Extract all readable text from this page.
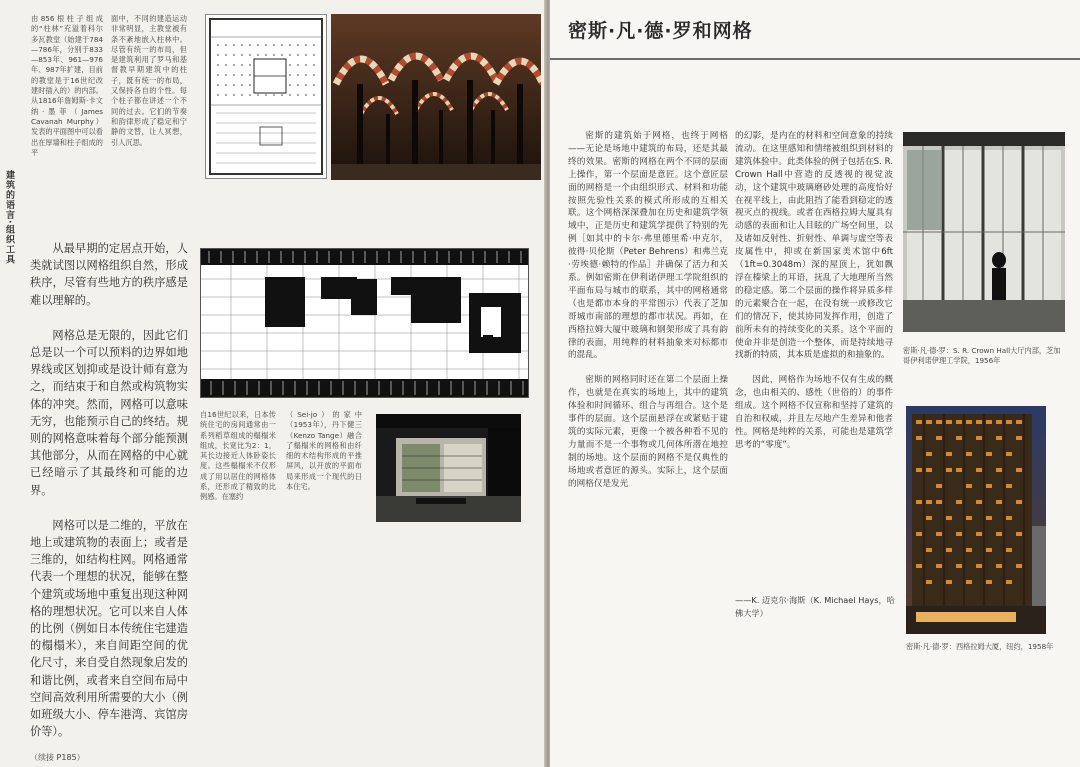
建筑的语言·组织工具
由856根柱子组成的“柱林”充溢着科尔多瓦教堂（始建于784—786年，分别于833—853年、961—976年、987年扩建，目前的教堂是于16世纪改建时插入的）的内部。从1816年詹姆斯·卡文纳·墨菲（James Cavanah Murphy）发表的平面图中可以看出在厚墙和柱子组成的平
面中，不同的建造运动非常明显，主教堂被有条不紊地嵌入柱林中。尽管有统一的布局，但是建筑利用了罗马和基督教早期建筑中的柱子，既有统一的布局，又保持各自的个性。每个柱子都在讲述一个不同的过去。它们的节奏和韵律形成了稳定和宁静的文替，让人冥想，引人沉思。
自16世纪以来，日本传统住宅的房间通常由一系列稻草组成的榻榻米组成，长宽比为2：1，其长边接近人体卧姿长度。这些榻榻米不仅形成了用以居住的网格体系，还形成了精致的比例感。在塞约
（Sei-jo）的家中（1953年），丹下健三（Kenzo Tange）融合了榻榻米的网格和由纤细的木结构形成的平推屏风，以开放的平面布局来形成一个现代的日本住宅。

从最早期的定居点开始，人类就试图以网格组织自然，形成秩序，尽管有些地方的秩序感是难以理解的。

网格总是无限的，因此它们总是以一个可以预料的边界如地界线或区划抑或是设计师有意为之，而结束于和自然或构筑物实体的冲突。然而，网格可以意味无穷，也能预示自己的终结。规则的网格意味着每个部分能预测其他部分，从而在网格的中心就已经暗示了其最终和可能的边界。

网格可以是二维的，平放在地上或建筑物的表面上；或者是三维的，如结构柱网。网格通常代表一个理想的状况，能够在整个建筑或场地中重复出现这种网格的理想状况。它可以来自人体的比例（例如日本传统住宅建造的榻榻米），来自间距空间的优化尺寸，来自受自然现象启发的和谐比例，或者来自空间布局中空间高效利用所需要的大小（例如班级大小、停车港湾、宾馆房价等）。

（续接 P185）
密斯·凡·德·罗和网格

密斯的建筑始于网格，也终于网格——无论是场地中建筑的布局，还是其最终的效果。密斯的网格在两个不同的层面上操作，第一个层面是意匠。这个意匠层面的网格是一个由组织形式、材料和功能按照先验性关系的模式所形成的互相关联。这个网格深深叠加在历史和建筑学领域中，正是历史和建筑学提供了特别的先例［如其中的卡尔·弗里德里希·申克尔，彼得·贝伦斯（Peter Behrens）和弗兰克·劳埃德·赖特的作品］并确保了活力和关系。例如密斯在伊利诺伊理工学院组织的平面布局与城市的联系，其中的网格通常（也是都市本身的平常图示）代表了芝加哥城市南部的理想的都市状况。再如，在西格拉姆大厦中玻璃和钢架形成了具有韵律的表面，用纯粹的材料抽象来对标都市的混乱。

密斯的网格同时还在第二个层面上操作，也就是在真实的场地上，其中的建筑体验和时间循环、组合与再组合。这个是事件的层面。这个层面悬浮在或紧贴于建筑的实际元素，更像一个被各种看不见的力量而不是一个事物或几何体所潜在地控制的场地。这个层面的网格不是仅典性的场地或者意匠的源头。实际上，这个层面的网格仅是发光

的幻影，是内在的材料和空间意象的持续流动。在这里感知和情绪被组织到材料的建筑体验中。此类体验的例子包括在S. R. Crown Hall中营造的反透视的视觉波动，这个建筑中玻璃磨砂处理的高度恰好在视平线上，由此阻挡了能看到稳定的透视灭点的视线。或者在西格拉姆大厦具有动感的表面和让人目眩的广场空间里，以及诸如反射性、折射性、单调与虚空等表皮属性中，抑或在新国家美术馆中6ft（1ft=0.3048m）深的屋顶上，犹如飘浮在榛梁上的耳语，抚乱了大地理所当然的稳定感。第二个层面的操作将异质多样的元素聚合在一起，在没有统一或修改它们的情况下，使其协同发挥作用，创造了前所未有的持续变化的关系。这个平面的使命并非是创造一个整体，而是持续地寻找新的特质，其本质是虚拟的和抽象的。

因此，网格作为场地不仅有生成的概念，也由相关的、感性（世俗的）的事件组成。这个网格不仅宣称和坚持了建筑的自治和权威，并且左尽地产生差异和他者性。网格是纯粹的关系，可能也是建筑学思考的“零度”。

——K. 迈克尔·海斯（K. Michael Hays，哈佛大学）
密斯·凡·德·罗：S. R. Crown Hall大厅内部，芝加哥伊利诺伊理工学院，1956年
密斯·凡·德·罗：西格拉姆大厦，纽约，1958年
